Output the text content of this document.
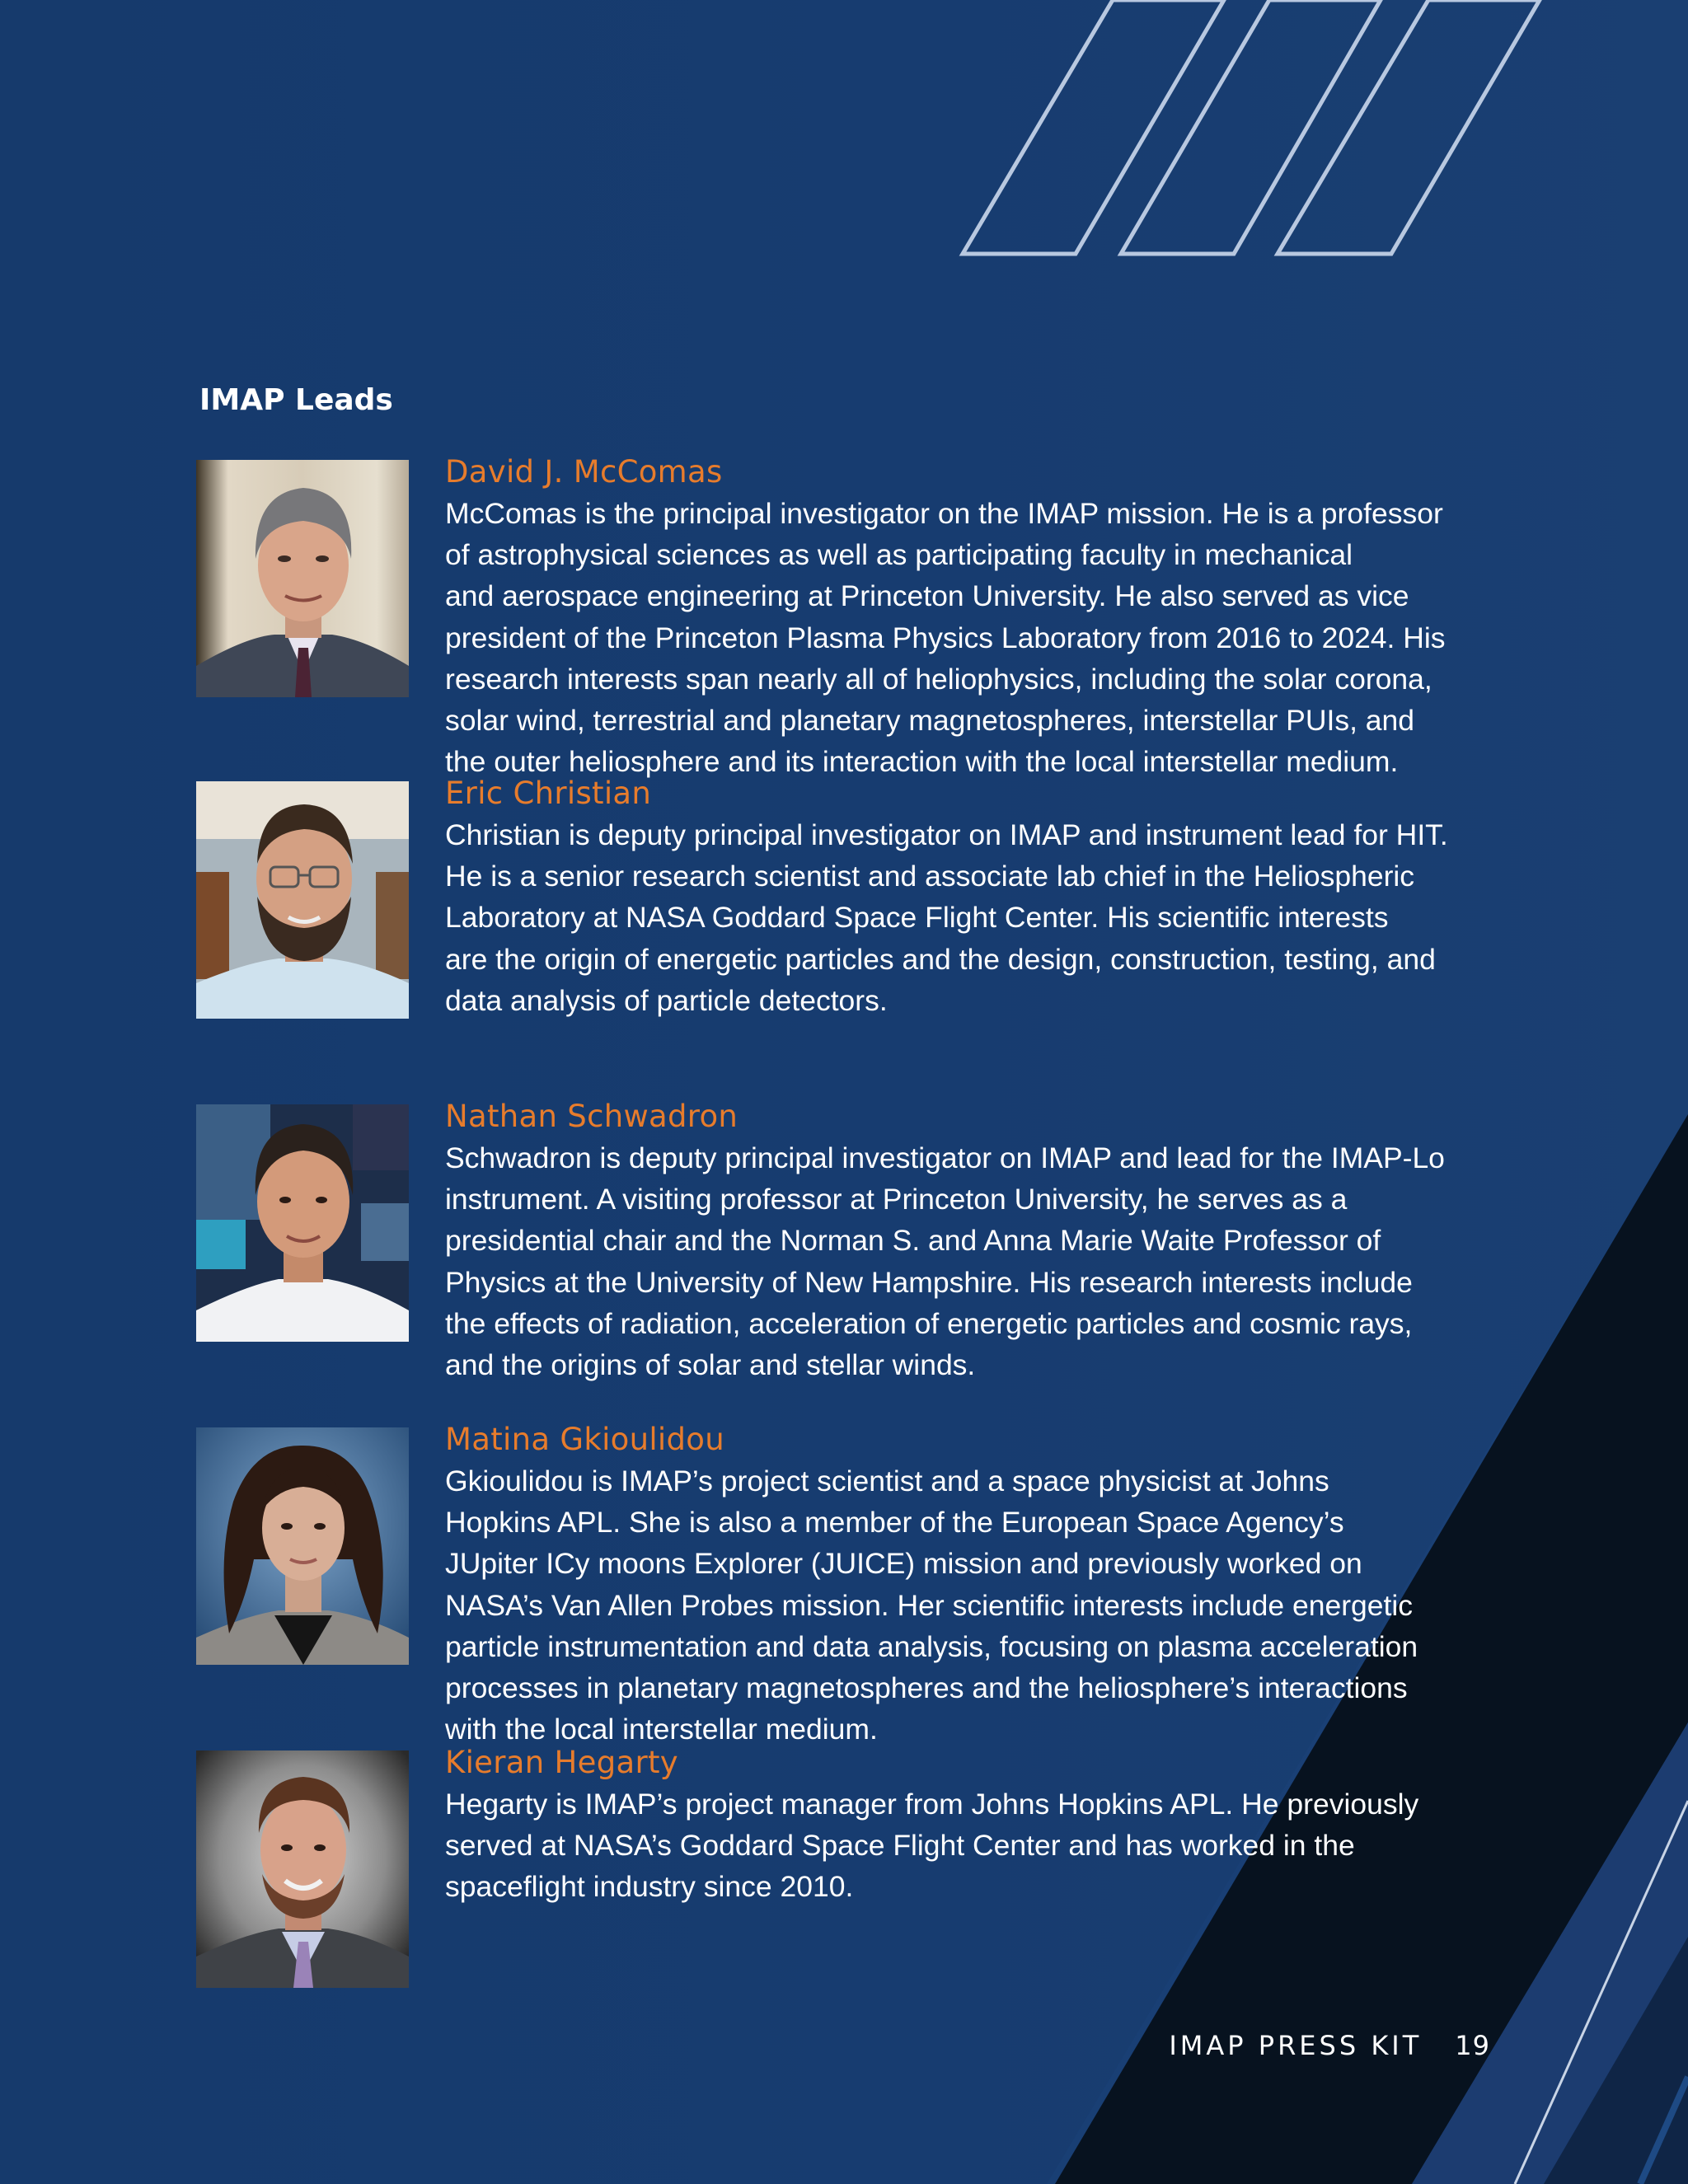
IMAP Leads
David J. McComas

McComas is the principal investigator on the IMAP mission. He is a professor
of astrophysical sciences as well as participating faculty in mechanical
and aerospace engineering at Princeton University. He also served as vice
president of the Princeton Plasma Physics Laboratory from 2016 to 2024. His
research interests span nearly all of heliophysics, including the solar corona,
solar wind, terrestrial and planetary magnetospheres, interstellar PUIs, and
the outer heliosphere and its interaction with the local interstellar medium.

Eric Christian

Christian is deputy principal investigator on IMAP and instrument lead for HIT.
He is a senior research scientist and associate lab chief in the Heliospheric
Laboratory at NASA Goddard Space Flight Center. His scientific interests
are the origin of energetic particles and the design, construction, testing, and
data analysis of particle detectors.

Nathan Schwadron

Schwadron is deputy principal investigator on IMAP and lead for the IMAP-Lo
instrument. A visiting professor at Princeton University, he serves as a
presidential chair and the Norman S. and Anna Marie Waite Professor of
Physics at the University of New Hampshire. His research interests include
the effects of radiation, acceleration of energetic particles and cosmic rays,
and the origins of solar and stellar winds.

Matina Gkioulidou

Gkioulidou is IMAP’s project scientist and a space physicist at Johns
Hopkins APL. She is also a member of the European Space Agency’s
JUpiter ICy moons Explorer (JUICE) mission and previously worked on
NASA’s Van Allen Probes mission. Her scientific interests include energetic
particle instrumentation and data analysis, focusing on plasma acceleration
processes in planetary magnetospheres and the heliosphere’s interactions
with the local interstellar medium.

Kieran Hegarty

Hegarty is IMAP’s project manager from Johns Hopkins APL. He previously
served at NASA’s Goddard Space Flight Center and has worked in the
spaceflight industry since 2010.

IMAP PRESS KIT 19
